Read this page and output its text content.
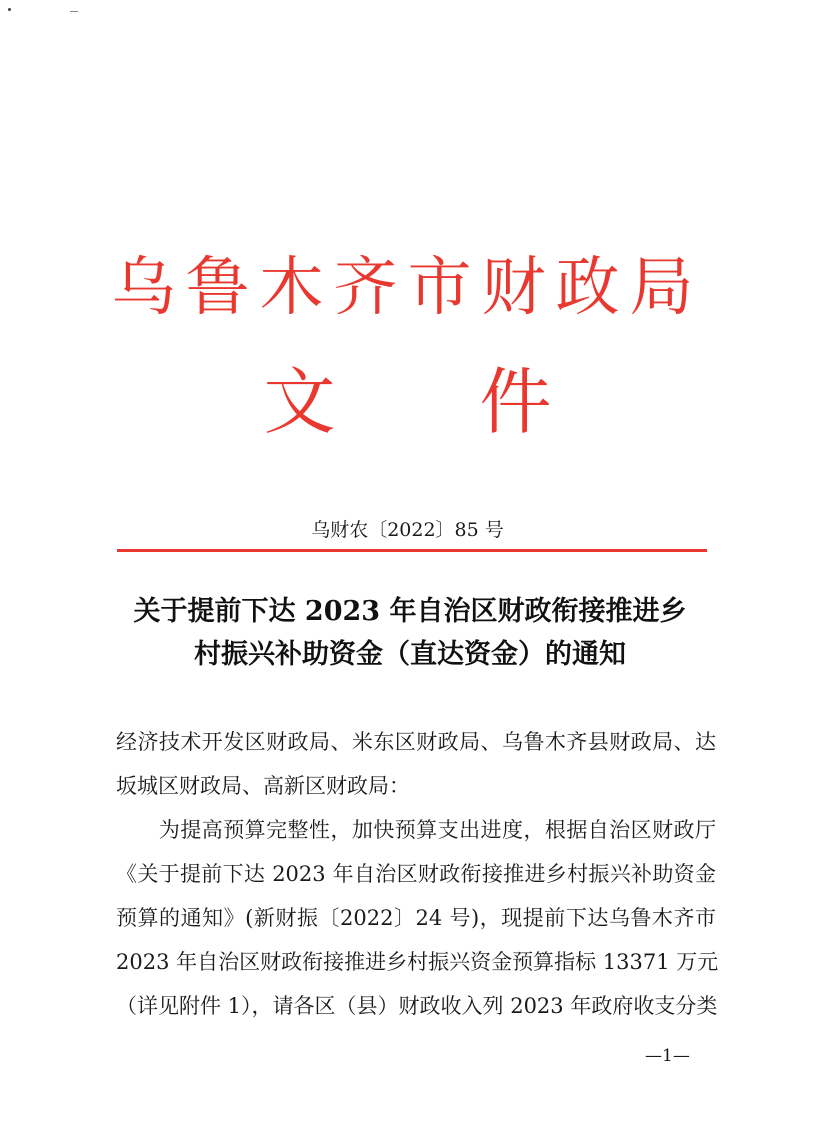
乌鲁木齐市财政局
文　　件
乌财农〔2022〕85 号
关于提前下达 2023 年自治区财政衔接推进乡
村振兴补助资金（直达资金）的通知
经济技术开发区财政局、米东区财政局、乌鲁木齐县财政局、达
坂城区财政局、高新区财政局：
　　为提高预算完整性，加快预算支出进度，根据自治区财政厅
《关于提前下达 2023 年自治区财政衔接推进乡村振兴补助资金
预算的通知》(新财振〔2022〕24 号)，现提前下达乌鲁木齐市
2023 年自治区财政衔接推进乡村振兴资金预算指标 13371 万元
（详见附件 1），请各区（县）财政收入列 2023 年政府收支分类
—1—
